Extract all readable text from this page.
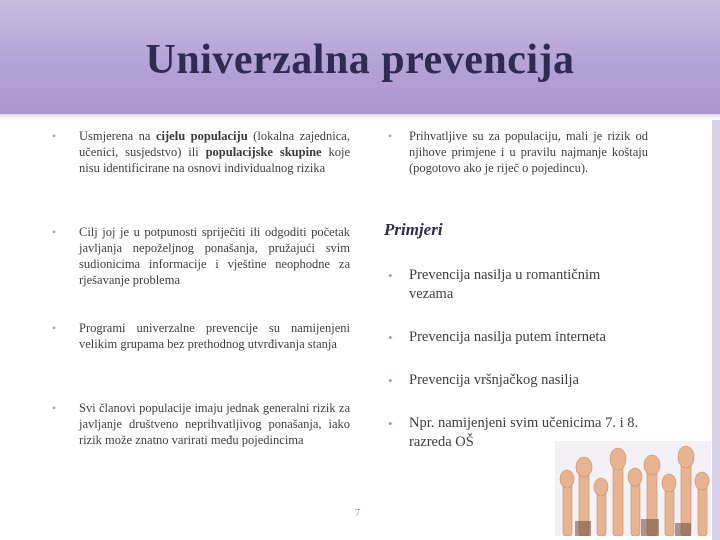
Univerzalna prevencija
• Usmjerena na cijelu populaciju (lokalna zajednica, učenici, susjedstvo) ili populacijske skupine koje nisu identificirane na osnovi individualnog rizika
• Cilj joj je u potpunosti spriječiti ili odgoditi početak javljanja nepoželjnog ponašanja, pružajući svim sudionicima informacije i vještine neophodne za rješavanje problema
• Programi univerzalne prevencije su namijenjeni velikim grupama bez prethodnog utvrđivanja stanja
• Svi članovi populacije imaju jednak generalni rizik za javljanje društveno neprihvatljivog ponašanja, iako rizik može znatno varirati među pojedincima
• Prihvatljive su za populaciju, mali je rizik od njihove primjene i u pravilu najmanje koštaju (pogotovo ako je riječ o pojedincu).
Primjeri
• Prevencija nasilja u romantičnim vezama
• Prevencija nasilja putem interneta
• Prevencija vršnjačkog nasilja
• Npr. namijenjeni svim učenicima 7. i 8. razreda OŠ
7
